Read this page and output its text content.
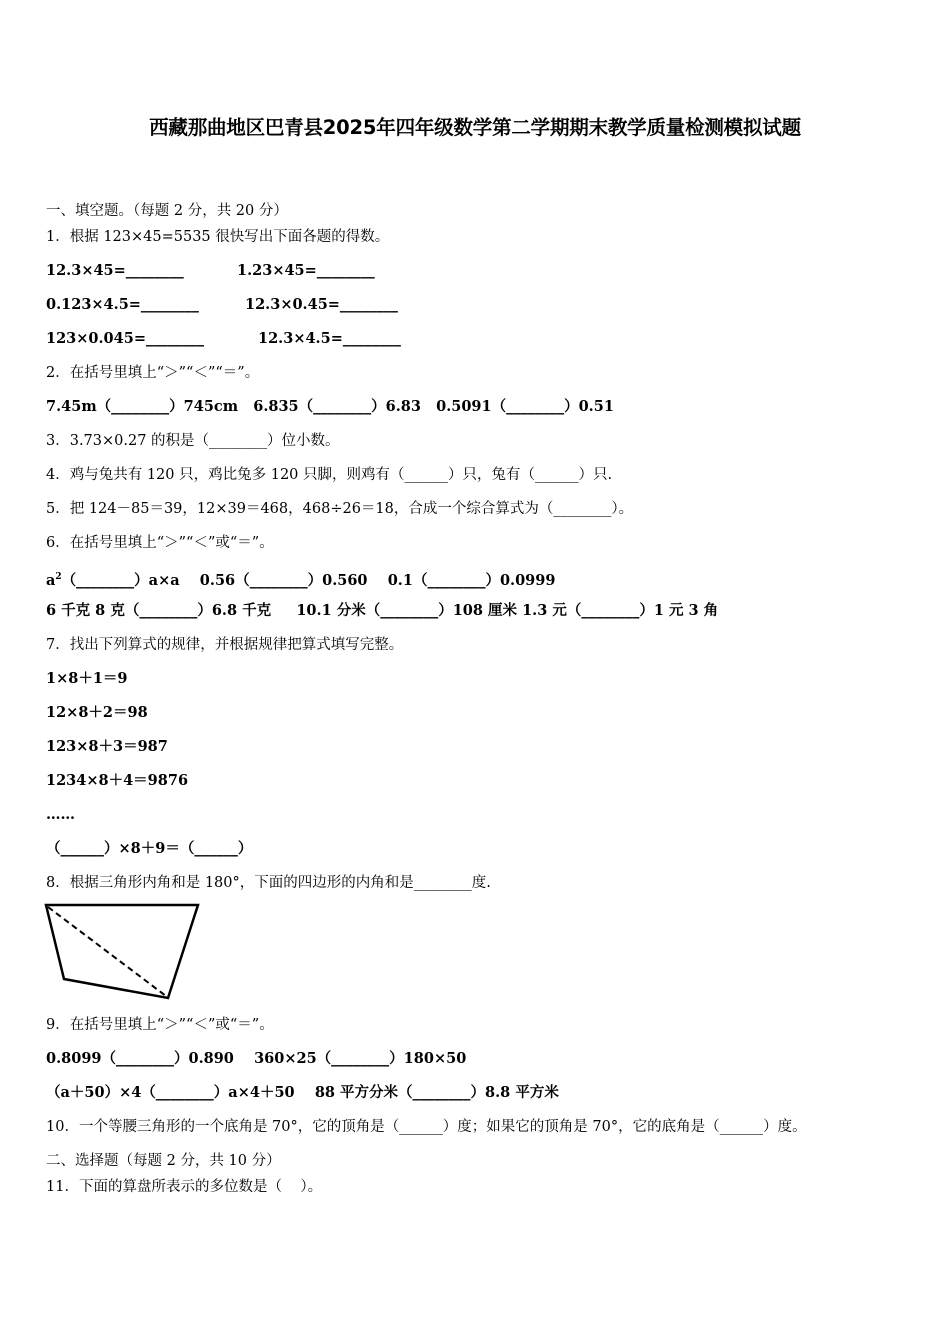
西藏那曲地区巴青县2025年四年级数学第二学期期末教学质量检测模拟试题
一、填空题。（每题 2 分，共 20 分）
1．根据 123×45=5535 很快写出下面各题的得数。
12.3×45=________	1.23×45=________
0.123×4.5=________	12.3×0.45=________
123×0.045=________	12.3×4.5=________
2．在括号里填上“＞”“＜”“＝”。
7.45m（________）745cm   6.835（________）6.83   0.5091（________）0.51
3．3.73×0.27 的积是（________）位小数。
4．鸡与兔共有 120 只，鸡比兔多 120 只脚，则鸡有（______）只，兔有（______）只.
5．把 124－85＝39，12×39＝468，468÷26＝18，合成一个综合算式为（________）。
6．在括号里填上“＞”“＜”或“＝”。
$a^2(\_\_\_\_\_\_\_\_)a\times a$    0.56（________）0.560    0.1（________）0.0999
6 千克 8 克（________）6.8 千克     10.1 分米（________）108 厘米 1.3 元（________）1 元 3 角
7．找出下列算式的规律，并根据规律把算式填写完整。
1×8＋1＝9
12×8＋2＝98
123×8＋3＝987
1234×8＋4＝9876
……
（______）×8＋9＝（______）
8．根据三角形内角和是 180°，下面的四边形的内角和是________度.
9．在括号里填上“＞”“＜”或“＝”。
0.8099（________）0.890    360×25（________）180×50
（a＋50）×4（________）a×4＋50    88 平方分米（________）8.8 平方米
10．一个等腰三角形的一个底角是 70°，它的顶角是（______）度；如果它的顶角是 70°，它的底角是（______）度。
二、选择题（每题 2 分，共 10 分）
11．下面的算盘所表示的多位数是（    ）。
